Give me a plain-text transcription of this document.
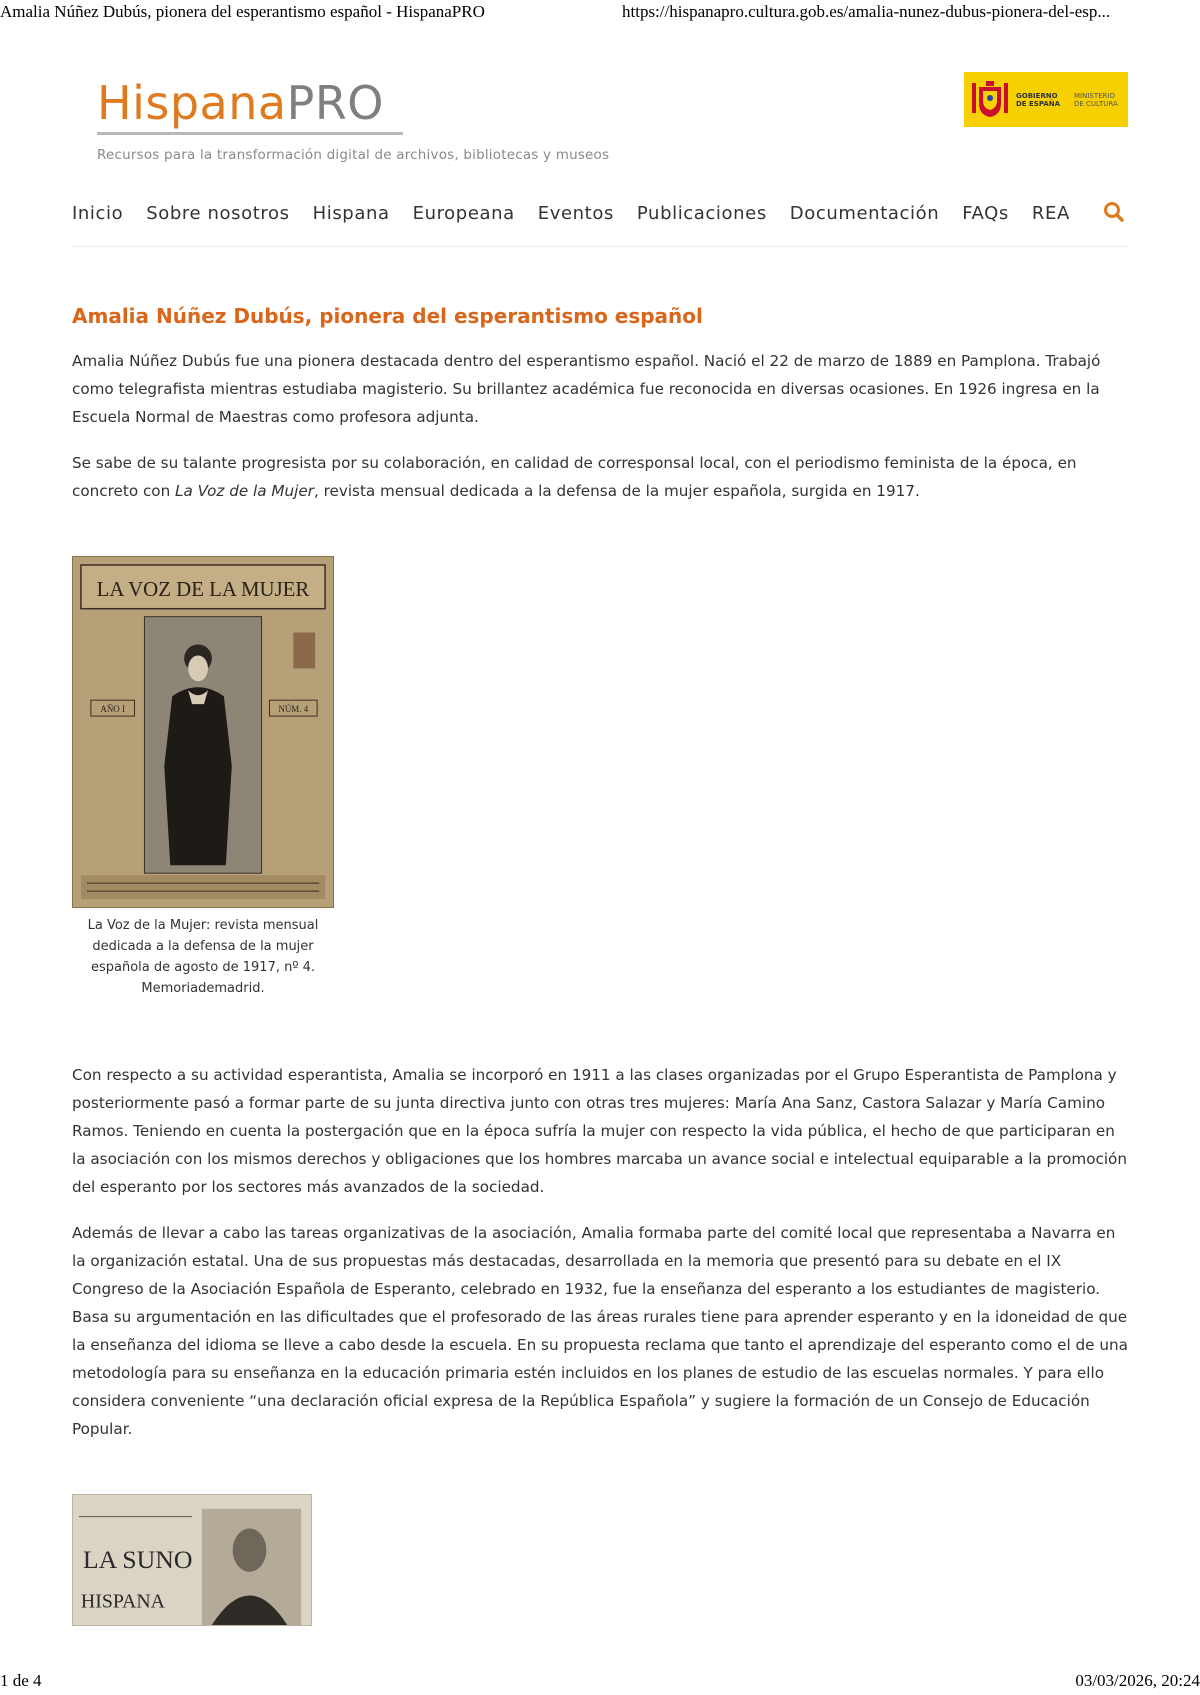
Amalia Núñez Dubús, pionera del esperantismo español - HispanaPRO	https://hispanapro.cultura.gob.es/amalia-nunez-dubus-pionera-del-esp...
HispanaPRO
Recursos para la transformación digital de archivos, bibliotecas y museos
GOBIERNO DE ESPAÑA
MINISTERIO DE CULTURA
Inicio Sobre nosotros Hispana Europeana Eventos Publicaciones Documentación FAQs REA
Amalia Núñez Dubús, pionera del esperantismo español

Amalia Núñez Dubús fue una pionera destacada dentro del esperantismo español. Nació el 22 de marzo de 1889 en Pamplona. Trabajó como telegrafista mientras estudiaba magisterio. Su brillantez académica fue reconocida en diversas ocasiones. En 1926 ingresa en la Escuela Normal de Maestras como profesora adjunta.

Se sabe de su talante progresista por su colaboración, en calidad de corresponsal local, con el periodismo feminista de la época, en concreto con La Voz de la Mujer, revista mensual dedicada a la defensa de la mujer española, surgida en 1917.

LA VOZ DE LA MUJER
AÑO I	NÚM. 4
La Voz de la Mujer: revista mensual dedicada a la defensa de la mujer española de agosto de 1917, nº 4. Memoriademadrid.

Con respecto a su actividad esperantista, Amalia se incorporó en 1911 a las clases organizadas por el Grupo Esperantista de Pamplona y posteriormente pasó a formar parte de su junta directiva junto con otras tres mujeres: María Ana Sanz, Castora Salazar y María Camino Ramos. Teniendo en cuenta la postergación que en la época sufría la mujer con respecto la vida pública, el hecho de que participaran en la asociación con los mismos derechos y obligaciones que los hombres marcaba un avance social e intelectual equiparable a la promoción del esperanto por los sectores más avanzados de la sociedad.

Además de llevar a cabo las tareas organizativas de la asociación, Amalia formaba parte del comité local que representaba a Navarra en la organización estatal. Una de sus propuestas más destacadas, desarrollada en la memoria que presentó para su debate en el IX Congreso de la Asociación Española de Esperanto, celebrado en 1932, fue la enseñanza del esperanto a los estudiantes de magisterio. Basa su argumentación en las dificultades que el profesorado de las áreas rurales tiene para aprender esperanto y en la idoneidad de que la enseñanza del idioma se lleve a cabo desde la escuela. En su propuesta reclama que tanto el aprendizaje del esperanto como el de una metodología para su enseñanza en la educación primaria estén incluidos en los planes de estudio de las escuelas normales. Y para ello considera conveniente “una declaración oficial expresa de la República Española” y sugiere la formación de un Consejo de Educación Popular.

LA SUNO
HISPANA
1 de 4	03/03/2026, 20:24
